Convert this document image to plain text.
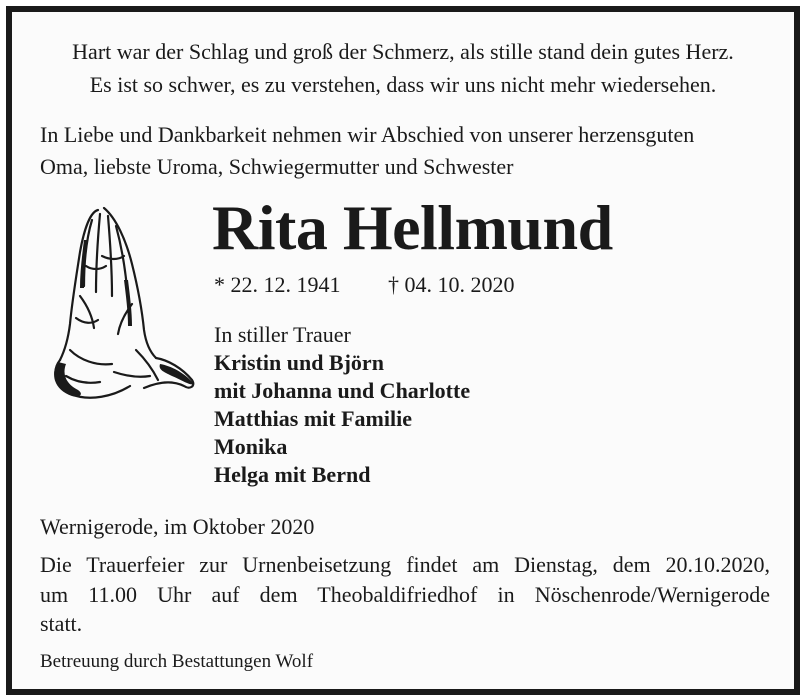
Hart war der Schlag und groß der Schmerz, als stille stand dein gutes Herz.
Es ist so schwer, es zu verstehen, dass wir uns nicht mehr wiedersehen.
In Liebe und Dankbarkeit nehmen wir Abschied von unserer herzensguten
Oma, liebste Uroma, Schwiegermutter und Schwester
Rita Hellmund
* 22. 12. 1941 † 04. 10. 2020
In stiller Trauer
Kristin und Björn
mit Johanna und Charlotte
Matthias mit Familie
Monika
Helga mit Bernd
Wernigerode, im Oktober 2020
Die Trauerfeier zur Urnenbeisetzung findet am Dienstag, dem 20.10.2020,
um 11.00 Uhr auf dem Theobaldifriedhof in Nöschenrode/Wernigerode
statt.
Betreuung durch Bestattungen Wolf
